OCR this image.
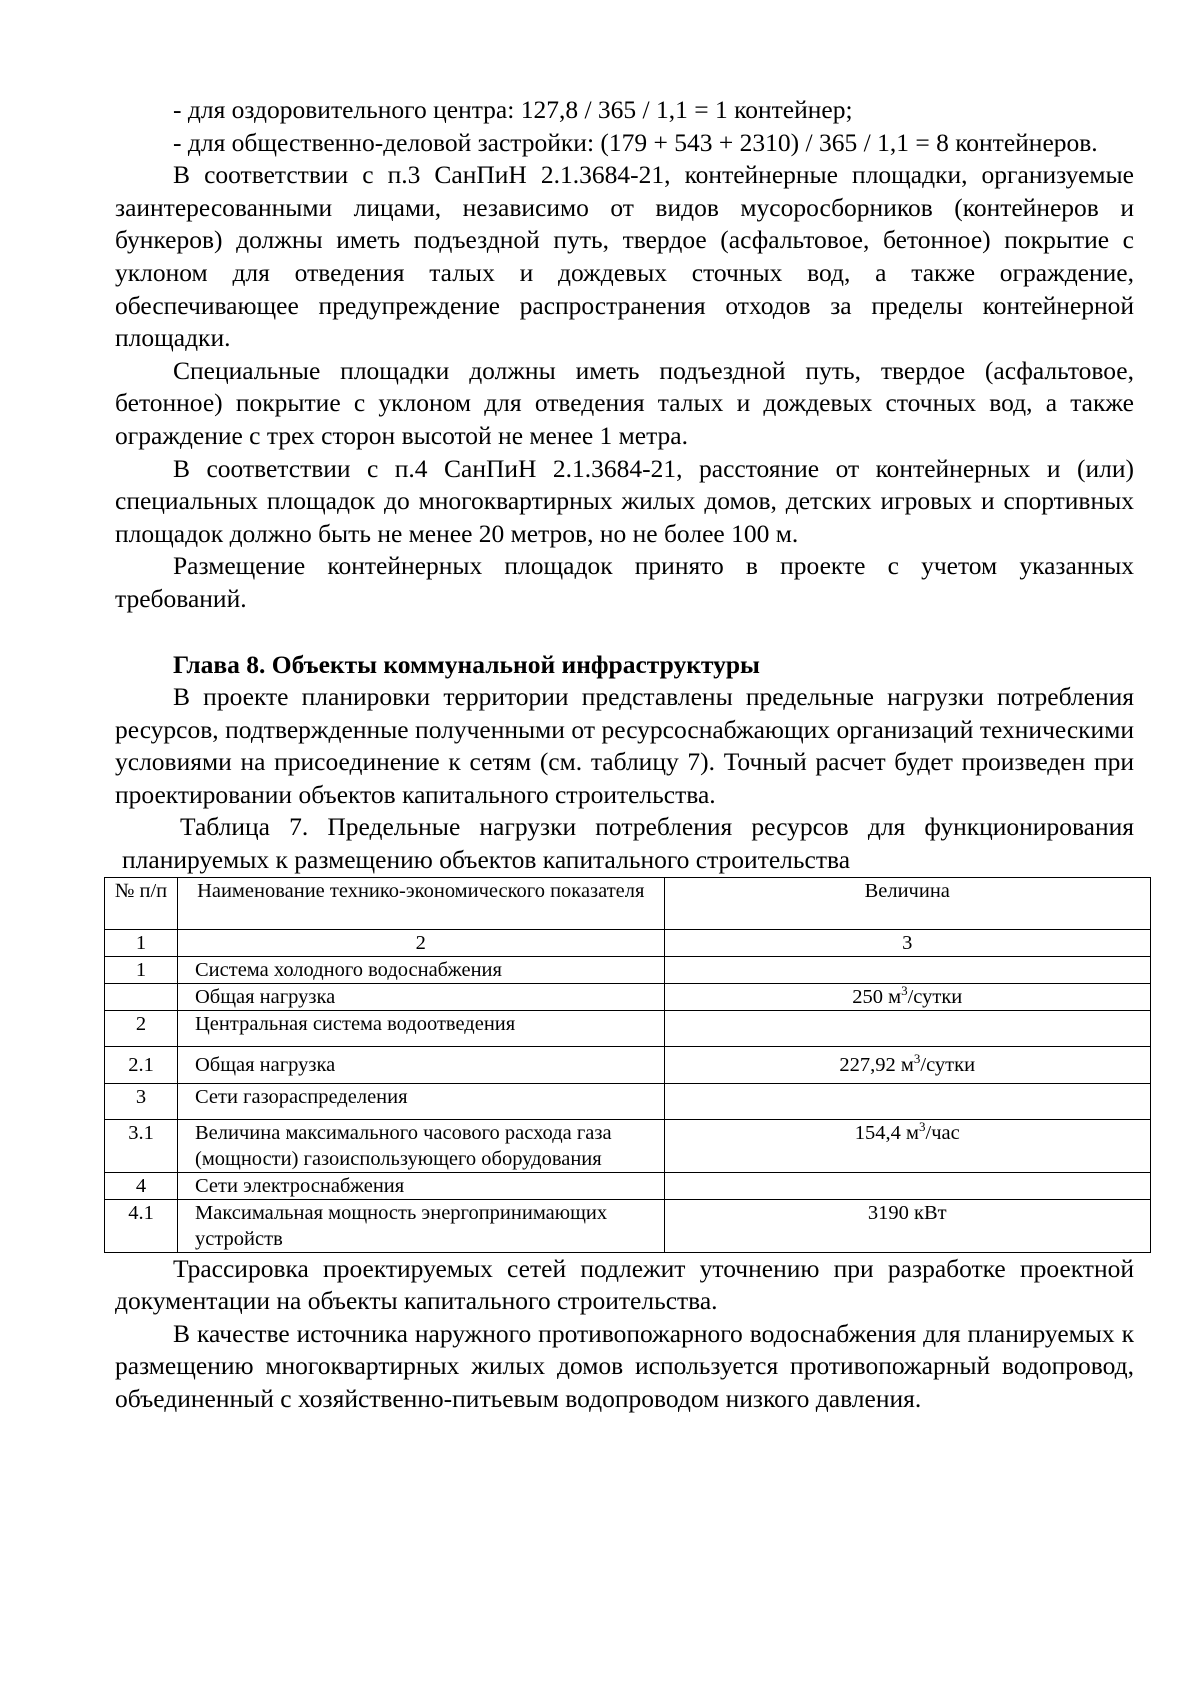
- для оздоровительного центра: 127,8 / 365 / 1,1 = 1 контейнер;

- для общественно-деловой застройки: (179 + 543 + 2310) / 365 / 1,1 = 8 контейнеров.

В соответствии с п.3 СанПиН 2.1.3684-21, контейнерные площадки, организуемые заинтересованными лицами, независимо от видов мусоросборников (контейнеров и бункеров) должны иметь подъездной путь, твердое (асфальтовое, бетонное) покрытие с уклоном для отведения талых и дождевых сточных вод, а также ограждение, обеспечивающее предупреждение распространения отходов за пределы контейнерной площадки.

Специальные площадки должны иметь подъездной путь, твердое (асфальтовое, бетонное) покрытие с уклоном для отведения талых и дождевых сточных вод, а также ограждение с трех сторон высотой не менее 1 метра.

В соответствии с п.4 СанПиН 2.1.3684-21, расстояние от контейнерных и (или) специальных площадок до многоквартирных жилых домов, детских игровых и спортивных площадок должно быть не менее 20 метров, но не более 100 м.

Размещение контейнерных площадок принято в проекте с учетом указанных требований.

Глава 8. Объекты коммунальной инфраструктуры

В проекте планировки территории представлены предельные нагрузки потребления ресурсов, подтвержденные полученными от ресурсоснабжающих организаций техническими условиями на присоединение к сетям (см. таблицу 7). Точный расчет будет произведен при проектировании объектов капитального строительства.

Таблица 7. Предельные нагрузки потребления ресурсов для функционирования планируемых к размещению объектов капитального строительства

№ п/п	Наименование технико-экономического показателя	Величина
1	2	3
1	Система холодного водоснабжения	
	Общая нагрузка	250 $м^3$/сутки
2	Центральная система водоотведения	
2.1	Общая нагрузка	227,92 $м^3$/сутки
3	Сети газораспределения	
3.1	Величина максимального часового расхода газа (мощности) газоиспользующего оборудования	154,4 $м^3$/час
4	Сети электроснабжения	
4.1	Максимальная мощность энергопринимающих устройств	3190 кВт

Трассировка проектируемых сетей подлежит уточнению при разработке проектной документации на объекты капитального строительства.

В качестве источника наружного противопожарного водоснабжения для планируемых к размещению многоквартирных жилых домов используется противопожарный водопровод, объединенный с хозяйственно-питьевым водопроводом низкого давления.
